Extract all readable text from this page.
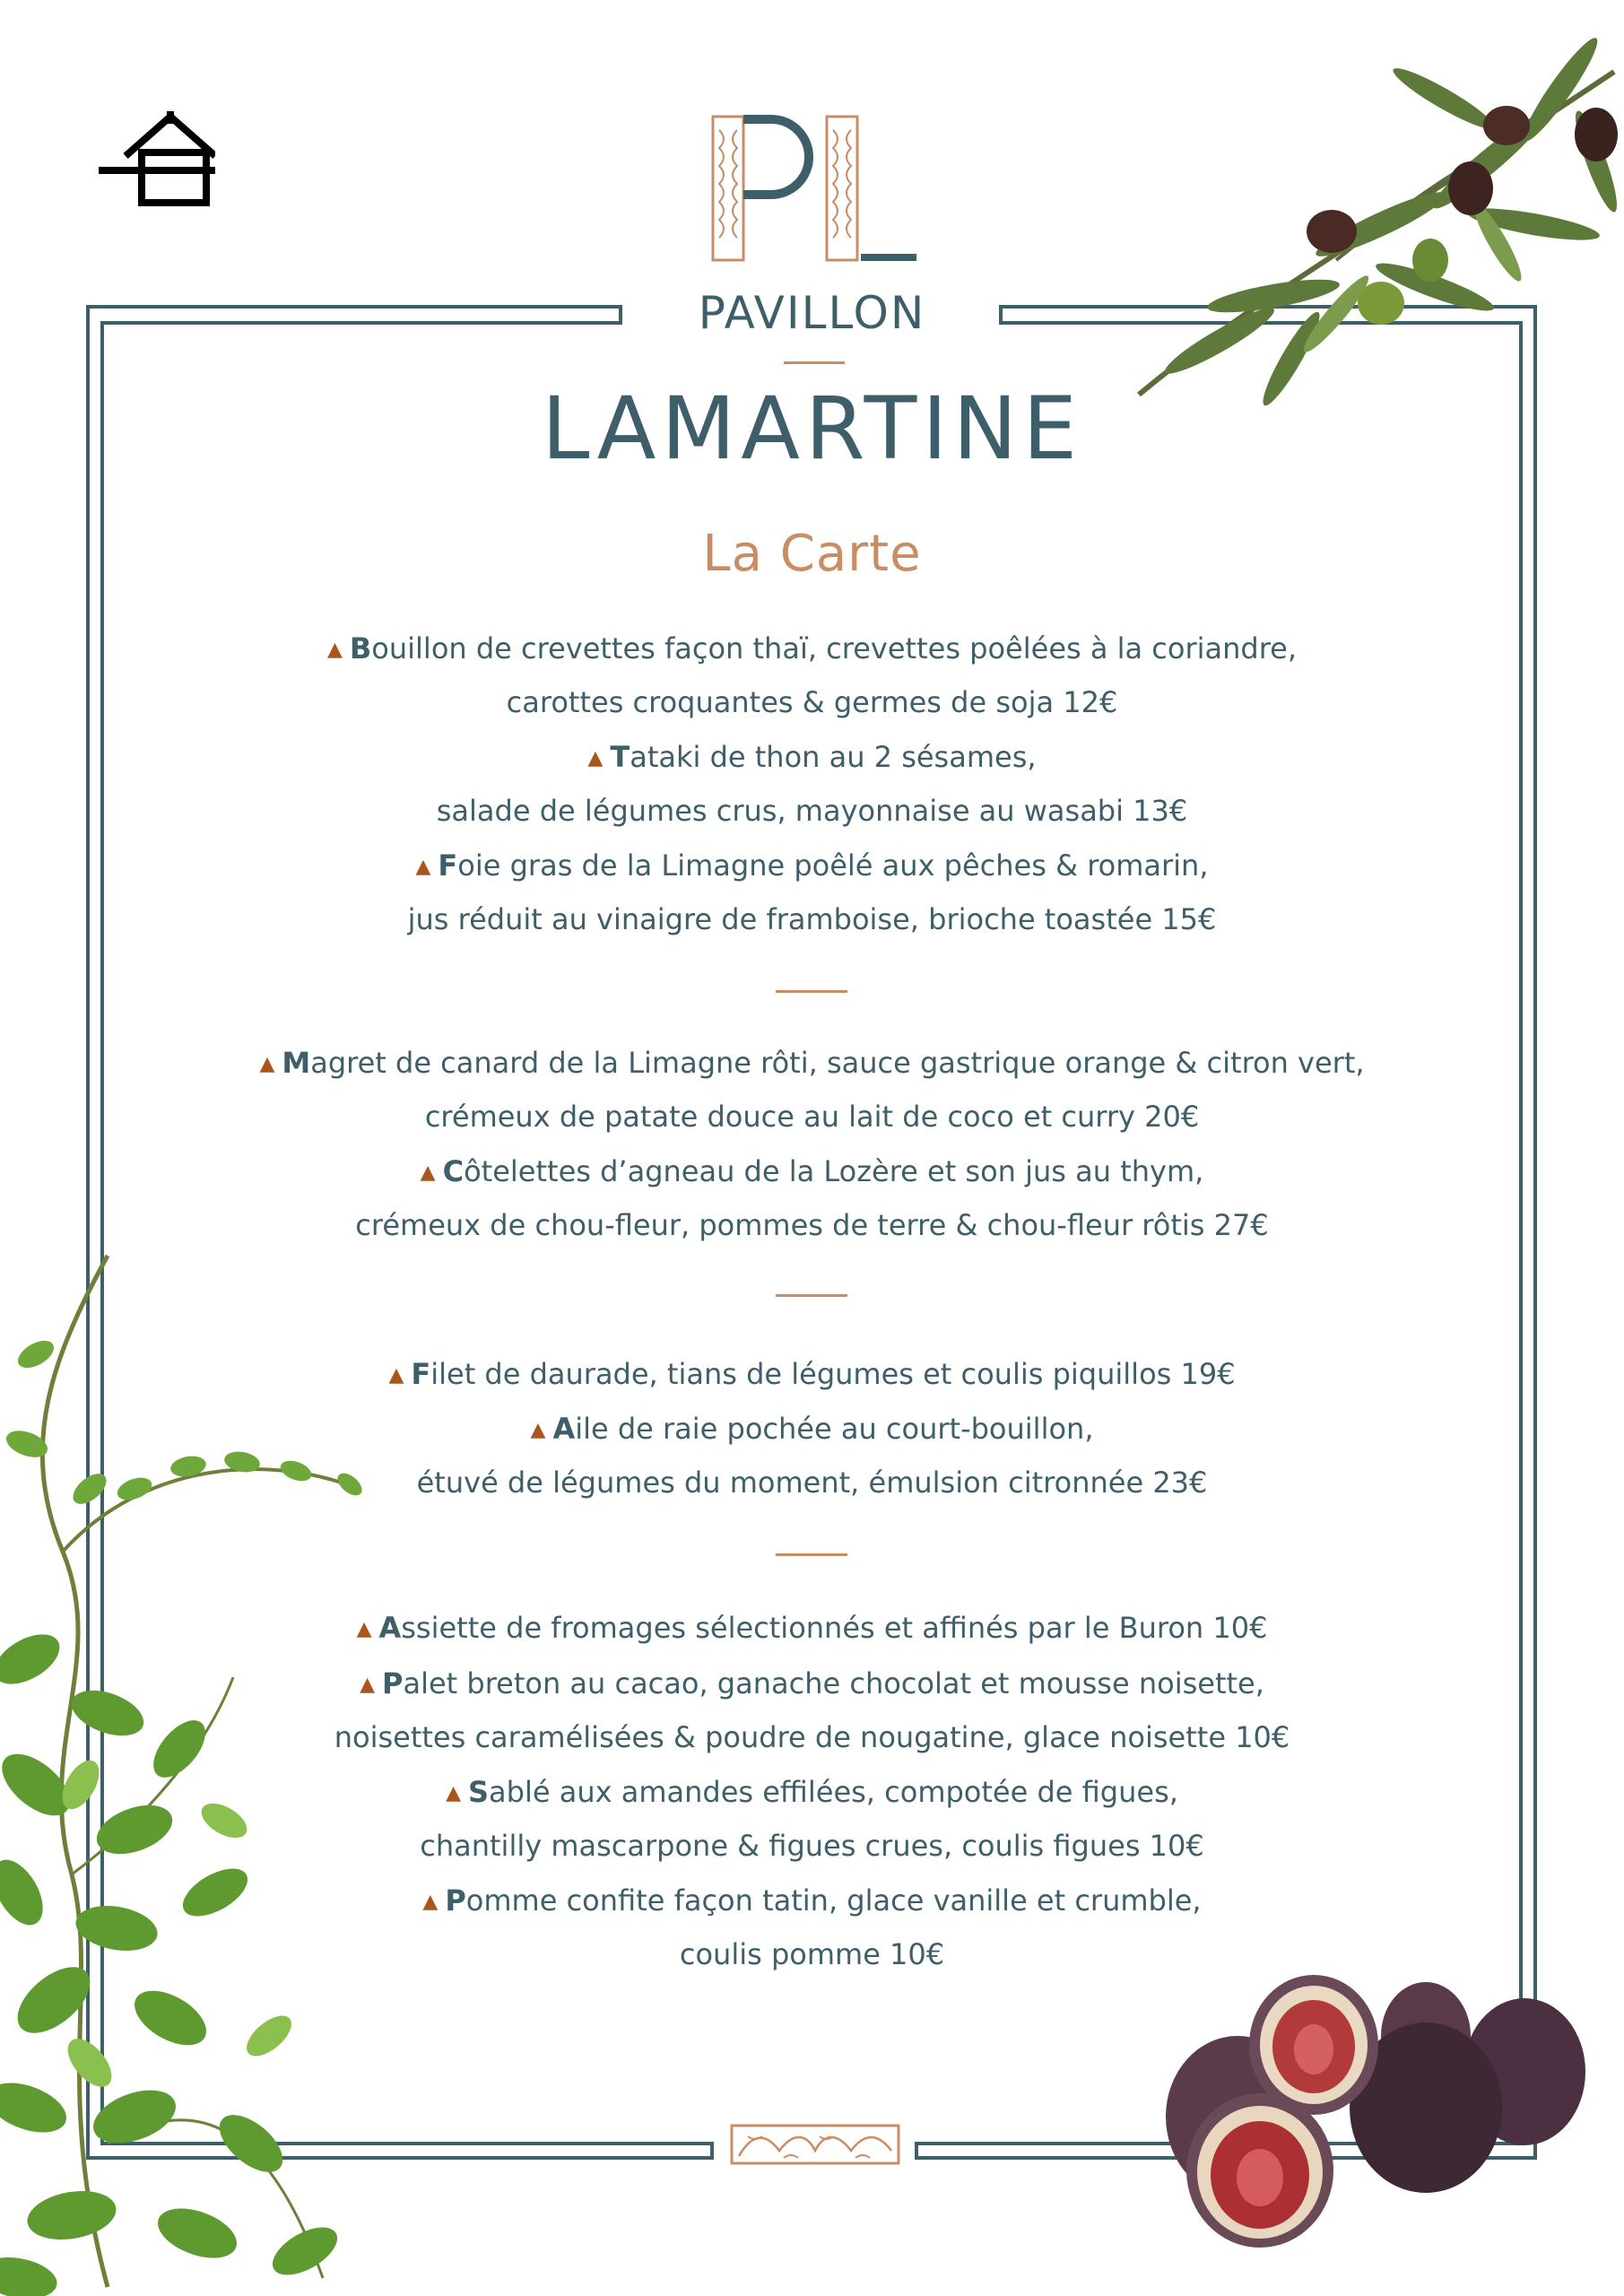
PAVILLON
LAMARTINE
La Carte
▲ Bouillon de crevettes façon thaï, crevettes poêlées à la coriandre,
carottes croquantes & germes de soja 12€
▲ Tataki de thon au 2 sésames,
salade de légumes crus, mayonnaise au wasabi 13€
▲ Foie gras de la Limagne poêlé aux pêches & romarin,
jus réduit au vinaigre de framboise, brioche toastée 15€
▲ Magret de canard de la Limagne rôti, sauce gastrique orange & citron vert,
crémeux de patate douce au lait de coco et curry 20€
▲ Côtelettes d’agneau de la Lozère et son jus au thym,
crémeux de chou-fleur, pommes de terre & chou-fleur rôtis 27€
▲ Filet de daurade, tians de légumes et coulis piquillos 19€
▲ Aile de raie pochée au court-bouillon,
étuvé de légumes du moment, émulsion citronnée 23€
▲ Assiette de fromages sélectionnés et affinés par le Buron 10€
▲ Palet breton au cacao, ganache chocolat et mousse noisette,
noisettes caramélisées & poudre de nougatine, glace noisette 10€
▲ Sablé aux amandes effilées, compotée de figues,
chantilly mascarpone & figues crues, coulis figues 10€
▲ Pomme confite façon tatin, glace vanille et crumble,
coulis pomme 10€
